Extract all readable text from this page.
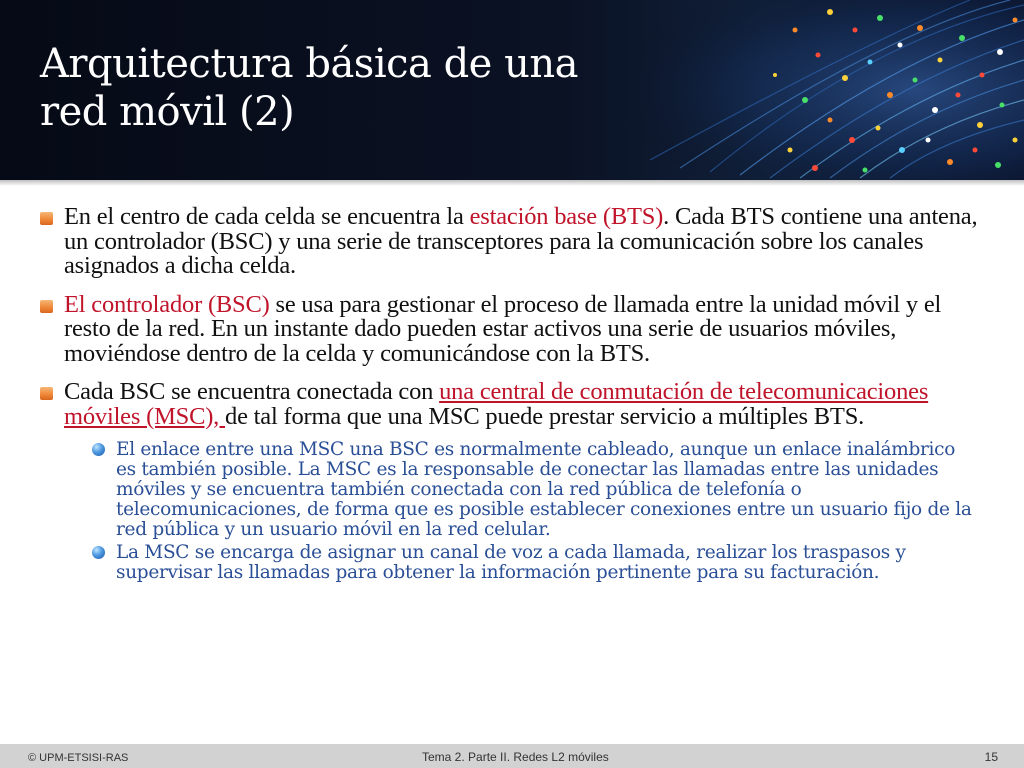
Arquitectura básica de una
red móvil (2)
En el centro de cada celda se encuentra la estación base (BTS). Cada BTS contiene una antena, un controlador (BSC) y una serie de transceptores para la comunicación sobre los canales asignados a dicha celda.
El controlador (BSC) se usa para gestionar el proceso de llamada entre la unidad móvil y el resto de la red. En un instante dado pueden estar activos una serie de usuarios móviles, moviéndose dentro de la celda y comunicándose con la BTS.
Cada BSC se encuentra conectada con una central de conmutación de telecomunicaciones móviles (MSC), de tal forma que una MSC puede prestar servicio a múltiples BTS.
El enlace entre una MSC una BSC es normalmente cableado, aunque un enlace inalámbrico es también posible. La MSC es la responsable de conectar las llamadas entre las unidades móviles y se encuentra también conectada con la red pública de telefonía o telecomunicaciones, de forma que es posible establecer conexiones entre un usuario fijo de la red pública y un usuario móvil en la red celular.
La MSC se encarga de asignar un canal de voz a cada llamada, realizar los traspasos y supervisar las llamadas para obtener la información pertinente para su facturación.
© UPM-ETSISI-RAS	Tema 2. Parte II. Redes L2 móviles	15
